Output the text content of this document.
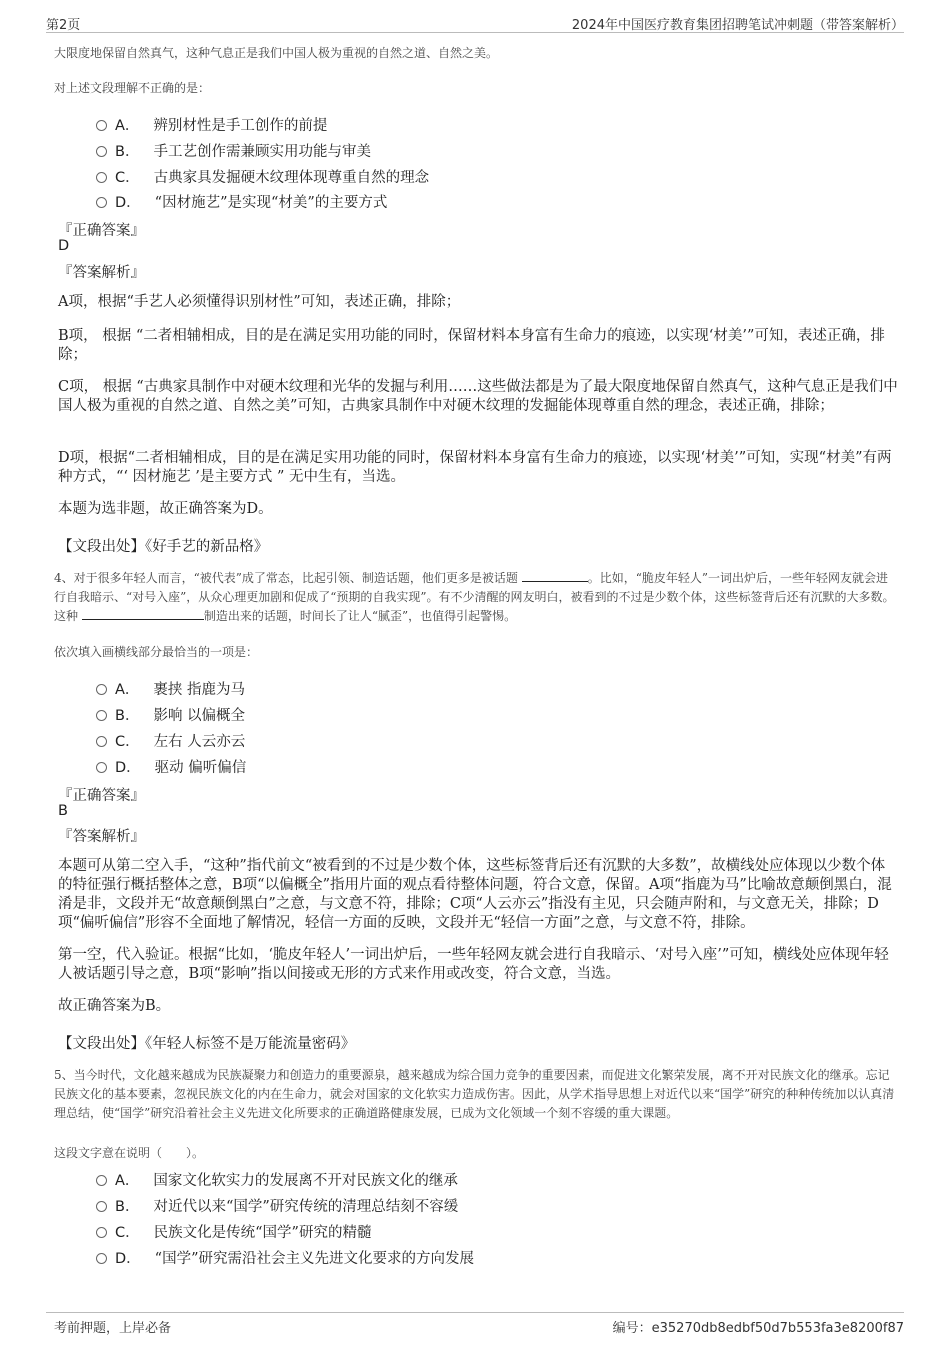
第2页	2024年中国医疗教育集团招聘笔试冲刺题（带答案解析）
大限度地保留自然真气，这种气息正是我们中国人极为重视的自然之道、自然之美。
对上述文段理解不正确的是：
A． 辨别材性是手工创作的前提
B． 手工艺创作需兼顾实用功能与审美
C． 古典家具发掘硬木纹理体现尊重自然的理念
D． “因材施艺”是实现“材美”的主要方式
『正确答案』
D
『答案解析』
A项，根据“手艺人必须懂得识别材性”可知，表述正确，排除；
B项， 根据 “二者相辅相成，目的是在满足实用功能的同时，保留材料本身富有生命力的痕迹，以实现‘材美’”可知，表述正确，排除；
C项， 根据 “古典家具制作中对硬木纹理和光华的发掘与利用……这些做法都是为了最大限度地保留自然真气，这种气息正是我们中国人极为重视的自然之道、自然之美”可知，古典家具制作中对硬木纹理的发掘能体现尊重自然的理念，表述正确，排除；
D项，根据“二者相辅相成，目的是在满足实用功能的同时，保留材料本身富有生命力的痕迹，以实现‘材美’”可知，实现“材美”有两种方式，“‘ 因材施艺 ’是主要方式 ” 无中生有，当选。
本题为选非题，故正确答案为D。
【文段出处】《好手艺的新品格》
4、对于很多年轻人而言，“被代表”成了常态，比起引领、制造话题，他们更多是被话题	。比如，“脆皮年轻人”一词出炉后，一些年轻网友就会进行自我暗示、“对号入座”，从众心理更加剧和促成了“预期的自我实现”。有不少清醒的网友明白，被看到的不过是少数个体，这些标签背后还有沉默的大多数。这种	制造出来的话题，时间长了让人“腻歪”，也值得引起警惕。
依次填入画横线部分最恰当的一项是：
A． 裹挟 指鹿为马
B． 影响 以偏概全
C． 左右 人云亦云
D． 驱动 偏听偏信
『正确答案』
B
『答案解析』
本题可从第二空入手，“这种”指代前文“被看到的不过是少数个体，这些标签背后还有沉默的大多数”，故横线处应体现以少数个体的特征强行概括整体之意，B项“以偏概全”指用片面的观点看待整体问题，符合文意，保留。A项“指鹿为马”比喻故意颠倒黑白，混淆是非，文段并无“故意颠倒黑白”之意，与文意不符，排除；C项“人云亦云”指没有主见，只会随声附和，与文意无关，排除；D项“偏听偏信”形容不全面地了解情况，轻信一方面的反映，文段并无“轻信一方面”之意，与文意不符，排除。
第一空，代入验证。根据“比如，‘脆皮年轻人’一词出炉后，一些年轻网友就会进行自我暗示、‘对号入座’”可知，横线处应体现年轻人被话题引导之意，B项“影响”指以间接或无形的方式来作用或改变，符合文意，当选。
故正确答案为B。
【文段出处】《年轻人标签不是万能流量密码》
5、当今时代，文化越来越成为民族凝聚力和创造力的重要源泉，越来越成为综合国力竞争的重要因素，而促进文化繁荣发展，离不开对民族文化的继承。忘记民族文化的基本要素，忽视民族文化的内在生命力，就会对国家的文化软实力造成伤害。因此，从学术指导思想上对近代以来“国学”研究的种种传统加以认真清理总结，使“国学”研究沿着社会主义先进文化所要求的正确道路健康发展，已成为文化领域一个刻不容缓的重大课题。
这段文字意在说明（　　）。
A． 国家文化软实力的发展离不开对民族文化的继承
B． 对近代以来“国学”研究传统的清理总结刻不容缓
C． 民族文化是传统“国学”研究的精髓
D． “国学”研究需沿社会主义先进文化要求的方向发展
考前押题，上岸必备	编号：e35270db8edbf50d7b553fa3e8200f87
